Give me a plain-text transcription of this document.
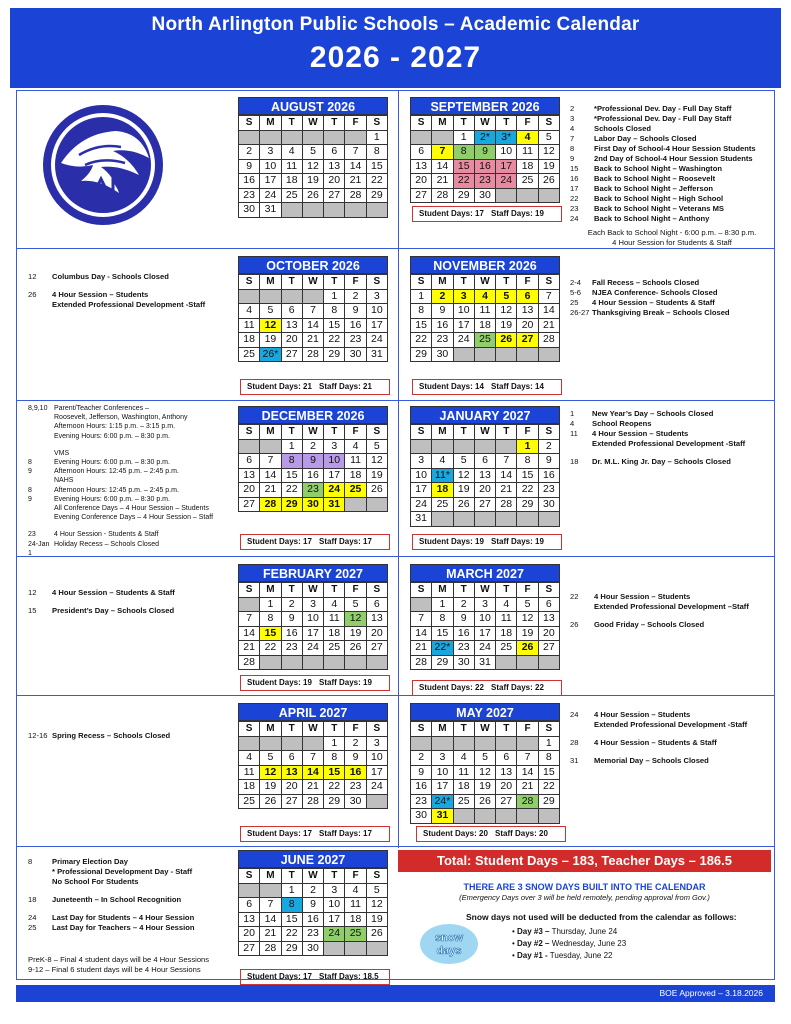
North Arlington Public Schools – Academic Calendar
2026 - 2027
AUGUST 2026
S	M	T	W	T	F	S
						1
2	3	4	5	6	7	8
9	10	11	12	13	14	15
16	17	18	19	20	21	22
23	24	25	26	27	28	29
30	31					
SEPTEMBER 2026
S	M	T	W	T	F	S
		1	2*	3*	4	5
6	7	8	9	10	11	12
13	14	15	16	17	18	19
20	21	22	23	24	25	26
27	28	29	30			
OCTOBER 2026
S	M	T	W	T	F	S
				1	2	3
4	5	6	7	8	9	10
11	12	13	14	15	16	17
18	19	20	21	22	23	24
25	26*	27	28	29	30	31
NOVEMBER 2026
S	M	T	W	T	F	S
1	2	3	4	5	6	7
8	9	10	11	12	13	14
15	16	17	18	19	20	21
22	23	24	25	26	27	28
29	30					
DECEMBER 2026
S	M	T	W	T	F	S
		1	2	3	4	5
6	7	8	9	10	11	12
13	14	15	16	17	18	19
20	21	22	23	24	25	26
27	28	29	30	31		
JANUARY 2027
S	M	T	W	T	F	S
					1	2
3	4	5	6	7	8	9
10	11*	12	13	14	15	16
17	18	19	20	21	22	23
24	25	26	27	28	29	30
31						
FEBRUARY 2027
S	M	T	W	T	F	S
	1	2	3	4	5	6
7	8	9	10	11	12	13
14	15	16	17	18	19	20
21	22	23	24	25	26	27
28						
MARCH 2027
S	M	T	W	T	F	S
	1	2	3	4	5	6
7	8	9	10	11	12	13
14	15	16	17	18	19	20
21	22*	23	24	25	26	27
28	29	30	31			
APRIL 2027
S	M	T	W	T	F	S
				1	2	3
4	5	6	7	8	9	10
11	12	13	14	15	16	17
18	19	20	21	22	23	24
25	26	27	28	29	30	
MAY 2027
S	M	T	W	T	F	S
						1
2	3	4	5	6	7	8
9	10	11	12	13	14	15
16	17	18	19	20	21	22
23	24*	25	26	27	28	29
30	31					
JUNE 2027
S	M	T	W	T	F	S
		1	2	3	4	5
6	7	8	9	10	11	12
13	14	15	16	17	18	19
20	21	22	23	24	25	26
27	28	29	30			
Student Days: 17 Staff Days: 19
Student Days: 21 Staff Days: 21	Student Days: 14 Staff Days: 14
Student Days: 17 Staff Days: 17	Student Days: 19 Staff Days: 19
Student Days: 19 Staff Days: 19
Student Days: 22 Staff Days: 22
Student Days: 17 Staff Days: 17	Student Days: 20 Staff Days: 20
Student Days: 17 Staff Days: 18.5
2	*Professional Dev. Day - Full Day Staff
3	*Professional Dev. Day - Full Day Staff
4	Schools Closed
7	Labor Day – Schools Closed
8	First Day of School-4 Hour Session Students
9	2nd Day of School-4 Hour Session Students
15	Back to School Night – Washington
16	Back to School Night – Roosevelt
17	Back to School Night – Jefferson
22	Back to School Night – High School
23	Back to School Night – Veterans MS
24	Back to School Night – Anthony
Each Back to School Night - 6:00 p.m. – 8:30 p.m.
4 Hour Session for Students & Staff
12	Columbus Day - Schools Closed
26	4 Hour Session – Students
Extended Professional Development -Staff
2-4	Fall Recess – Schools Closed
5-6	NJEA Conference- Schools Closed
25	4 Hour Session – Students & Staff
26-27 Thanksgiving Break – Schools Closed
8,9,10 Parent/Teacher Conferences –
Roosevelt, Jefferson, Washington, Anthony
Afternoon Hours: 1:15 p.m. – 3:15 p.m.
Evening Hours: 6:00 p.m. – 8:30 p.m.
VMS
8	Evening Hours: 6:00 p.m. – 8:30 p.m.
9	Afternoon Hours: 12:45 p.m. – 2:45 p.m.
NAHS
8	Afternoon Hours: 12:45 p.m. – 2:45 p.m.
9	Evening Hours: 6:00 p.m. – 8:30 p.m.
All Conference Days – 4 Hour Session – Students
Evening Conference Days – 4 Hour Session – Staff
23	4 Hour Session - Students & Staff
24-Jan 1
Holiday Recess – Schools Closed
1	New Year’s Day – Schools Closed
4	School Reopens
11	4 Hour Session – Students
Extended Professional Development -Staff
18	Dr. M.L. King Jr. Day – Schools Closed
12	4 Hour Session – Students & Staff
15	President’s Day – Schools Closed
22	4 Hour Session – Students
Extended Professional Development –Staff
26	Good Friday – Schools Closed
12-16 Spring Recess – Schools Closed
24	4 Hour Session – Students
Extended Professional Development -Staff
28	4 Hour Session – Students & Staff
31	Memorial Day – Schools Closed
8	Primary Election Day
* Professional Development Day - Staff
No School For Students
18	Juneteenth – In School Recognition
24	Last Day for Students – 4 Hour Session
25	Last Day for Teachers – 4 Hour Session
PreK-8 – Final 4 student days will be 4 Hour Sessions
9-12 – Final 6 student days will be 4 Hour Sessions
Total: Student Days – 183, Teacher Days – 186.5
THERE ARE 3 SNOW DAYS BUILT INTO THE CALENDAR
(Emergency Days over 3 will be held remotely, pending approval from Gov.)
Snow days not used will be deducted from the calendar as follows:
snow
days
• Day #3 – Thursday, June 24
• Day #2 – Wednesday, June 23
• Day #1 - Tuesday, June 22
BOE Approved – 3.18.2026
